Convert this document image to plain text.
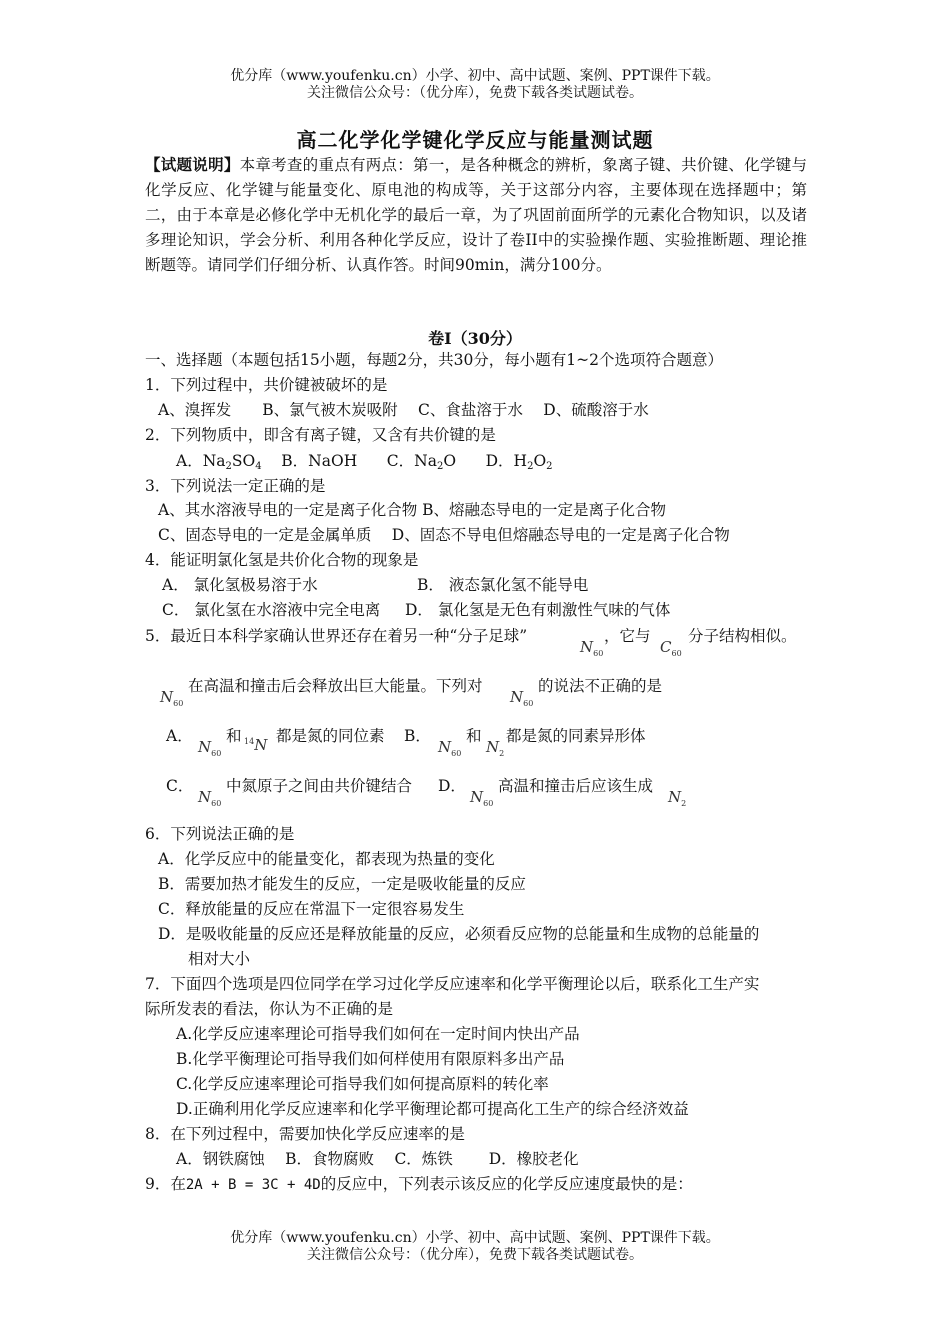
优分库（www.youfenku.cn）小学、初中、高中试题、案例、PPT课件下载。
关注微信公众号：（优分库），免费下载各类试题试卷。
高二化学化学键化学反应与能量测试题
【试题说明】本章考查的重点有两点：第一，是各种概念的辨析，象离子键、共价键、化学键与化学反应、化学键与能量变化、原电池的构成等，关于这部分内容，主要体现在选择题中；第二，由于本章是必修化学中无机化学的最后一章，为了巩固前面所学的元素化合物知识，以及诸多理论知识，学会分析、利用各种化学反应，设计了卷II中的实验操作题、实验推断题、理论推断题等。请同学们仔细分析、认真作答。时间90min，满分100分。
卷I（30分）
一、选择题（本题包括15小题，每题2分，共30分，每小题有1~2个选项符合题意）
1．下列过程中，共价键被破坏的是
A、溴挥发　　B、氯气被木炭吸附　 C、食盐溶于水　 D、硫酸溶于水
2．下列物质中，即含有离子键，又含有共价键的是
A．$Na_2SO_4$ B．NaOH C．$Na_2O$ D．$H_2O_2$
3．下列说法一定正确的是
A、其水溶液导电的一定是离子化合物 B、熔融态导电的一定是离子化合物
C、固态导电的一定是金属单质　 D、固态不导电但熔融态导电的一定是离子化合物
4．能证明氯化氢是共价化合物的现象是
A． 氯化氢极易溶于水	B． 液态氯化氢不能导电
C． 氯化氢在水溶液中完全电离 D． 氯化氢是无色有刺激性气味的气体
5．最近日本科学家确认世界还存在着另一种“分子足球”
$N_{60}$
，它与
$C_{60}$
分子结构相似。
$N_{60}$
在高温和撞击后会释放出巨大能量。下列对
$N_{60}$
的说法不正确的是
A．
$N_{60}$
和 $^{14}$N 都是氮的同位素 B．
$N_{60}$
和
$N_2$
都是氮的同素异形体
C．
$N_{60}$
中氮原子之间由共价键结合 D．
$N_{60}$
高温和撞击后应该生成
$N_2$
6．下列说法正确的是
A．化学反应中的能量变化，都表现为热量的变化
B．需要加热才能发生的反应，一定是吸收能量的反应
C．释放能量的反应在常温下一定很容易发生
D．是吸收能量的反应还是释放能量的反应，必须看反应物的总能量和生成物的总能量的
相对大小
7．下面四个选项是四位同学在学习过化学反应速率和化学平衡理论以后，联系化工生产实
际所发表的看法，你认为不正确的是
A.化学反应速率理论可指导我们如何在一定时间内快出产品
B.化学平衡理论可指导我们如何样使用有限原料多出产品
C.化学反应速率理论可指导我们如何提高原料的转化率
D.正确利用化学反应速率和化学平衡理论都可提高化工生产的综合经济效益
8．在下列过程中，需要加快化学反应速率的是
A．钢铁腐蚀　 B．食物腐败　 C．炼铁　　 D．橡胶老化
9．在2A + B = 3C + 4D的反应中，下列表示该反应的化学反应速度最快的是：
优分库（www.youfenku.cn）小学、初中、高中试题、案例、PPT课件下载。
关注微信公众号：（优分库），免费下载各类试题试卷。
